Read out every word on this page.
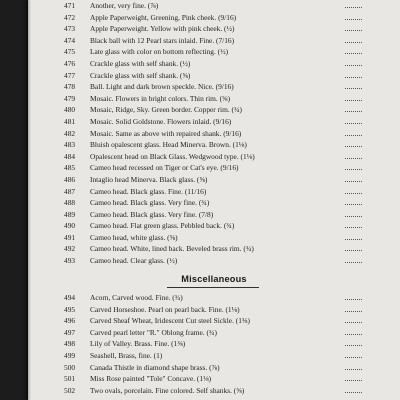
471	Another, very fine. (⅞)
472	Apple Paperweight, Greening, Pink cheek. (9/16)
473	Apple Paperweight. Yellow with pink cheek. (½)
474	Black ball with 12 Pearl stars inlaid. Fine. (7/16)
475	Late glass with color on bottom reflecting. (½)
476	Crackle glass with self shank. (½)
477	Crackle glass with self shank. (⅝)
478	Ball. Light and dark brown speckle. Nice. (9/16)
479	Mosaic. Flowers in bright colors. Thin rim. (⅝)
480	Mosaic, Ridge, Sky. Green border. Copper rim. (¾)
481	Mosaic. Solid Goldstone. Flowers inlaid. (9/16)
482	Mosaic. Same as above with repaired shank. (9/16)
483	Bluish opalescent glass. Head Minerva. Brown. (1⅛)
484	Opalescent head on Black Glass. Wedgwood type. (1⅛)
485	Cameo head recessed on Tiger or Cat's eye. (9/16)
486	Intaglio head Minerva. Black glass. (⅝)
487	Cameo head. Black glass. Fine. (11/16)
488	Cameo head. Black glass. Very fine. (¾)
489	Cameo head. Black glass. Very fine. (7/8)
490	Cameo head. Flat green glass. Pebbled back. (¾)
491	Cameo head, white glass. (⅝)
492	Cameo head. White, lined back. Beveled brass rim. (¾)
493	Cameo head. Clear glass. (½)
Miscellaneous
494	Acorn, Carved wood. Fine. (¾)
495	Carved Horseshoe. Pearl on pearl back. Fine. (1⅛)
496	Carved Sheaf Wheat, Iridescent Cut steel Sickle. (1⅜)
497	Carved pearl letter "R." Oblong frame. (¾)
498	Lily of Valley. Brass. Fine. (1⅜)
499	Seashell, Brass, fine. (1)
500	Canada Thistle in diamond shape brass. (⅞)
501	Miss Rose painted "Tole" Concave. (1⅛)
502	Two ovals, porcelain. Fine colored. Self shanks. (⅝)
